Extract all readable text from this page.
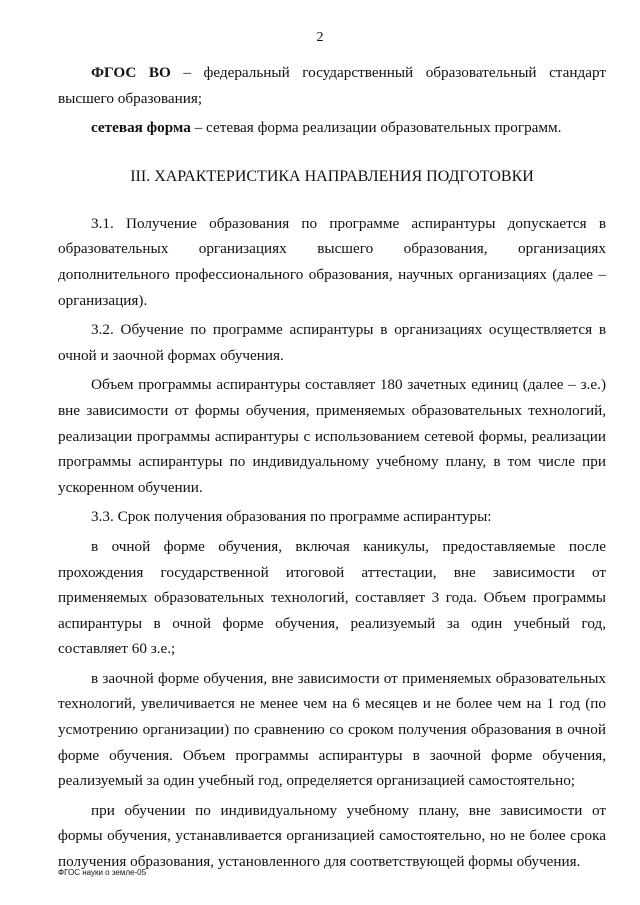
2

ФГОС ВО – федеральный государственный образовательный стандарт высшего образования;

сетевая форма – сетевая форма реализации образовательных программ.

III. ХАРАКТЕРИСТИКА НАПРАВЛЕНИЯ ПОДГОТОВКИ

3.1. Получение образования по программе аспирантуры допускается в образовательных организациях высшего образования, организациях дополнительного профессионального образования, научных организациях (далее – организация).

3.2. Обучение по программе аспирантуры в организациях осуществляется в очной и заочной формах обучения.

Объем программы аспирантуры составляет 180 зачетных единиц (далее – з.е.) вне зависимости от формы обучения, применяемых образовательных технологий, реализации программы аспирантуры с использованием сетевой формы, реализации программы аспирантуры по индивидуальному учебному плану, в том числе при ускоренном обучении.

3.3. Срок получения образования по программе аспирантуры:

в очной форме обучения, включая каникулы, предоставляемые после прохождения государственной итоговой аттестации, вне зависимости от применяемых образовательных технологий, составляет 3 года. Объем программы аспирантуры в очной форме обучения, реализуемый за один учебный год, составляет 60 з.е.;

в заочной форме обучения, вне зависимости от применяемых образовательных технологий, увеличивается не менее чем на 6 месяцев и не более чем на 1 год (по усмотрению организации) по сравнению со сроком получения образования в очной форме обучения. Объем программы аспирантуры в заочной форме обучения, реализуемый за один учебный год, определяется организацией самостоятельно;

при обучении по индивидуальному учебному плану, вне зависимости от формы обучения, устанавливается организацией самостоятельно, но не более срока получения образования, установленного для соответствующей формы обучения.

ФГОС науки о земле-05
